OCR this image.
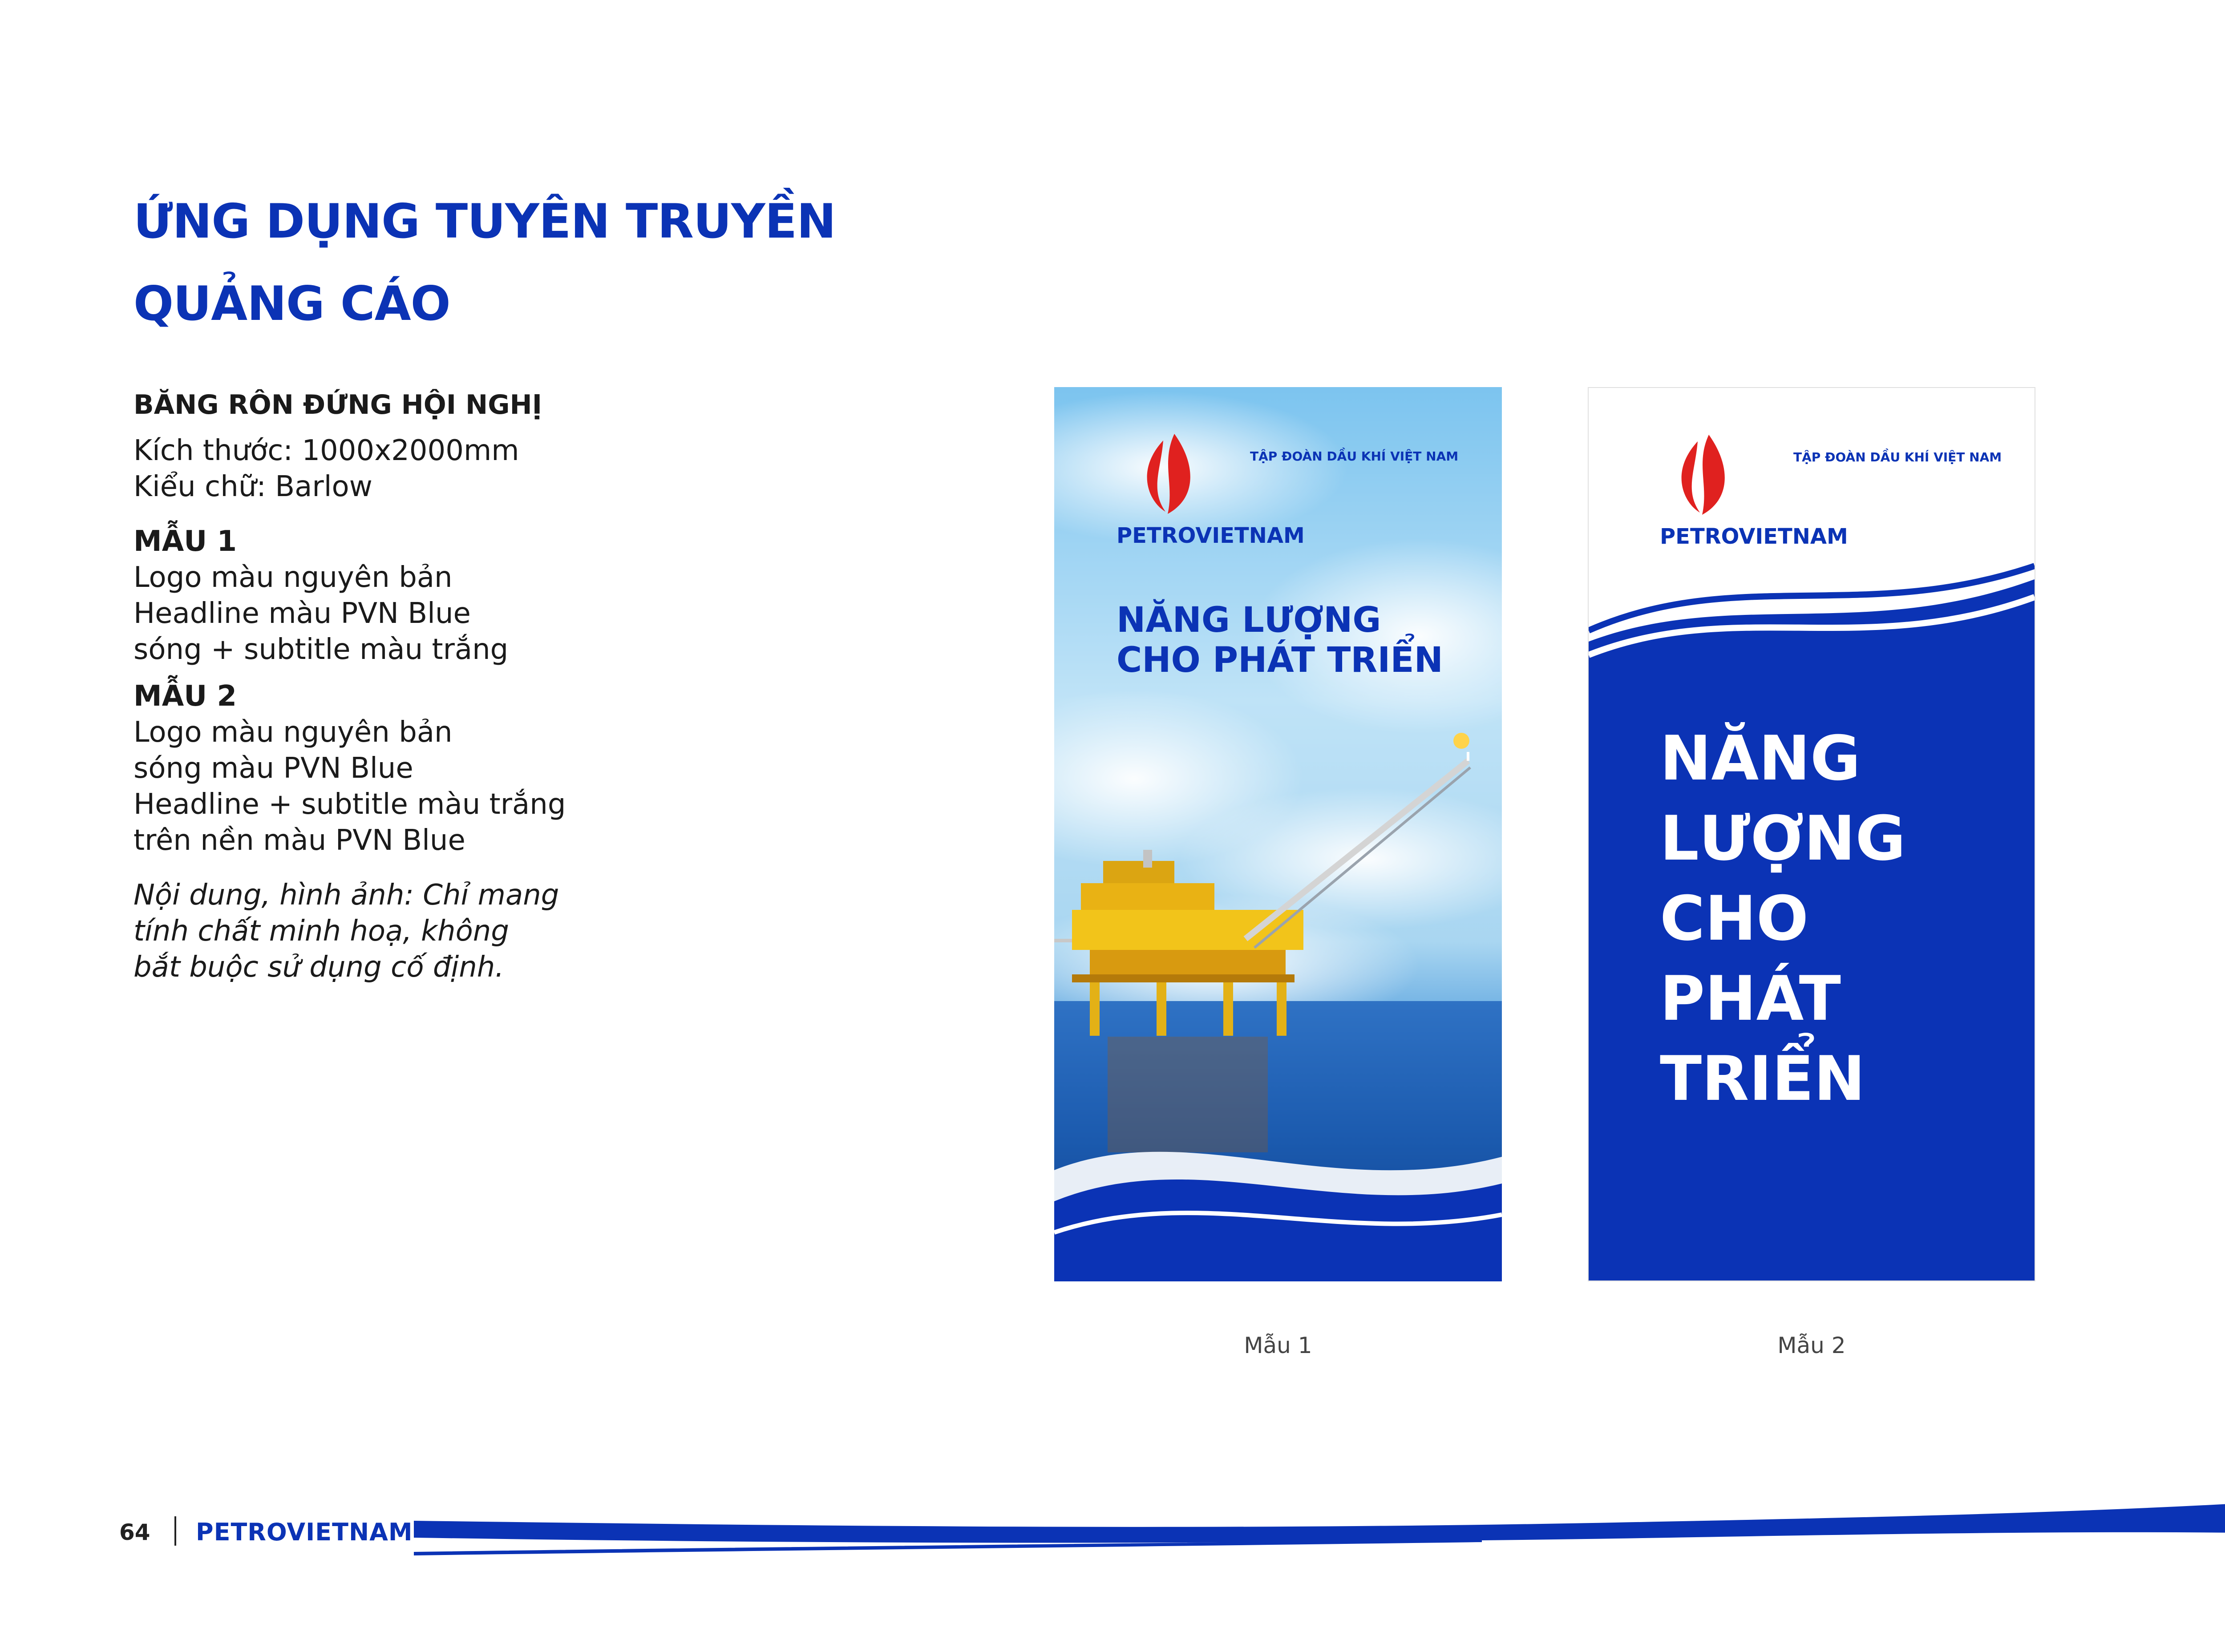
ỨNG DỤNG TUYÊN TRUYỀN
QUẢNG CÁO
BĂNG RÔN ĐỨNG HỘI NGHỊ
Kích thước: 1000x2000mm
Kiểu chữ: Barlow
MẪU 1
Logo màu nguyên bản
Headline màu PVN Blue
sóng + subtitle màu trắng
MẪU 2
Logo màu nguyên bản
sóng màu PVN Blue
Headline + subtitle màu trắng
trên nền màu PVN Blue
Nội dung, hình ảnh: Chỉ mang
tính chất minh hoạ, không
bắt buộc sử dụng cố định.
PETROVIETNAM
TẬP ĐOÀN DẦU KHÍ VIỆT NAM
NĂNG LƯỢNG
CHO PHÁT TRIỂN
PETROVIETNAM
TẬP ĐOÀN DẦU KHÍ VIỆT NAM
NĂNG
LƯỢNG
CHO
PHÁT
TRIỂN
Mẫu 1	Mẫu 2
64 PETROVIETNAM
